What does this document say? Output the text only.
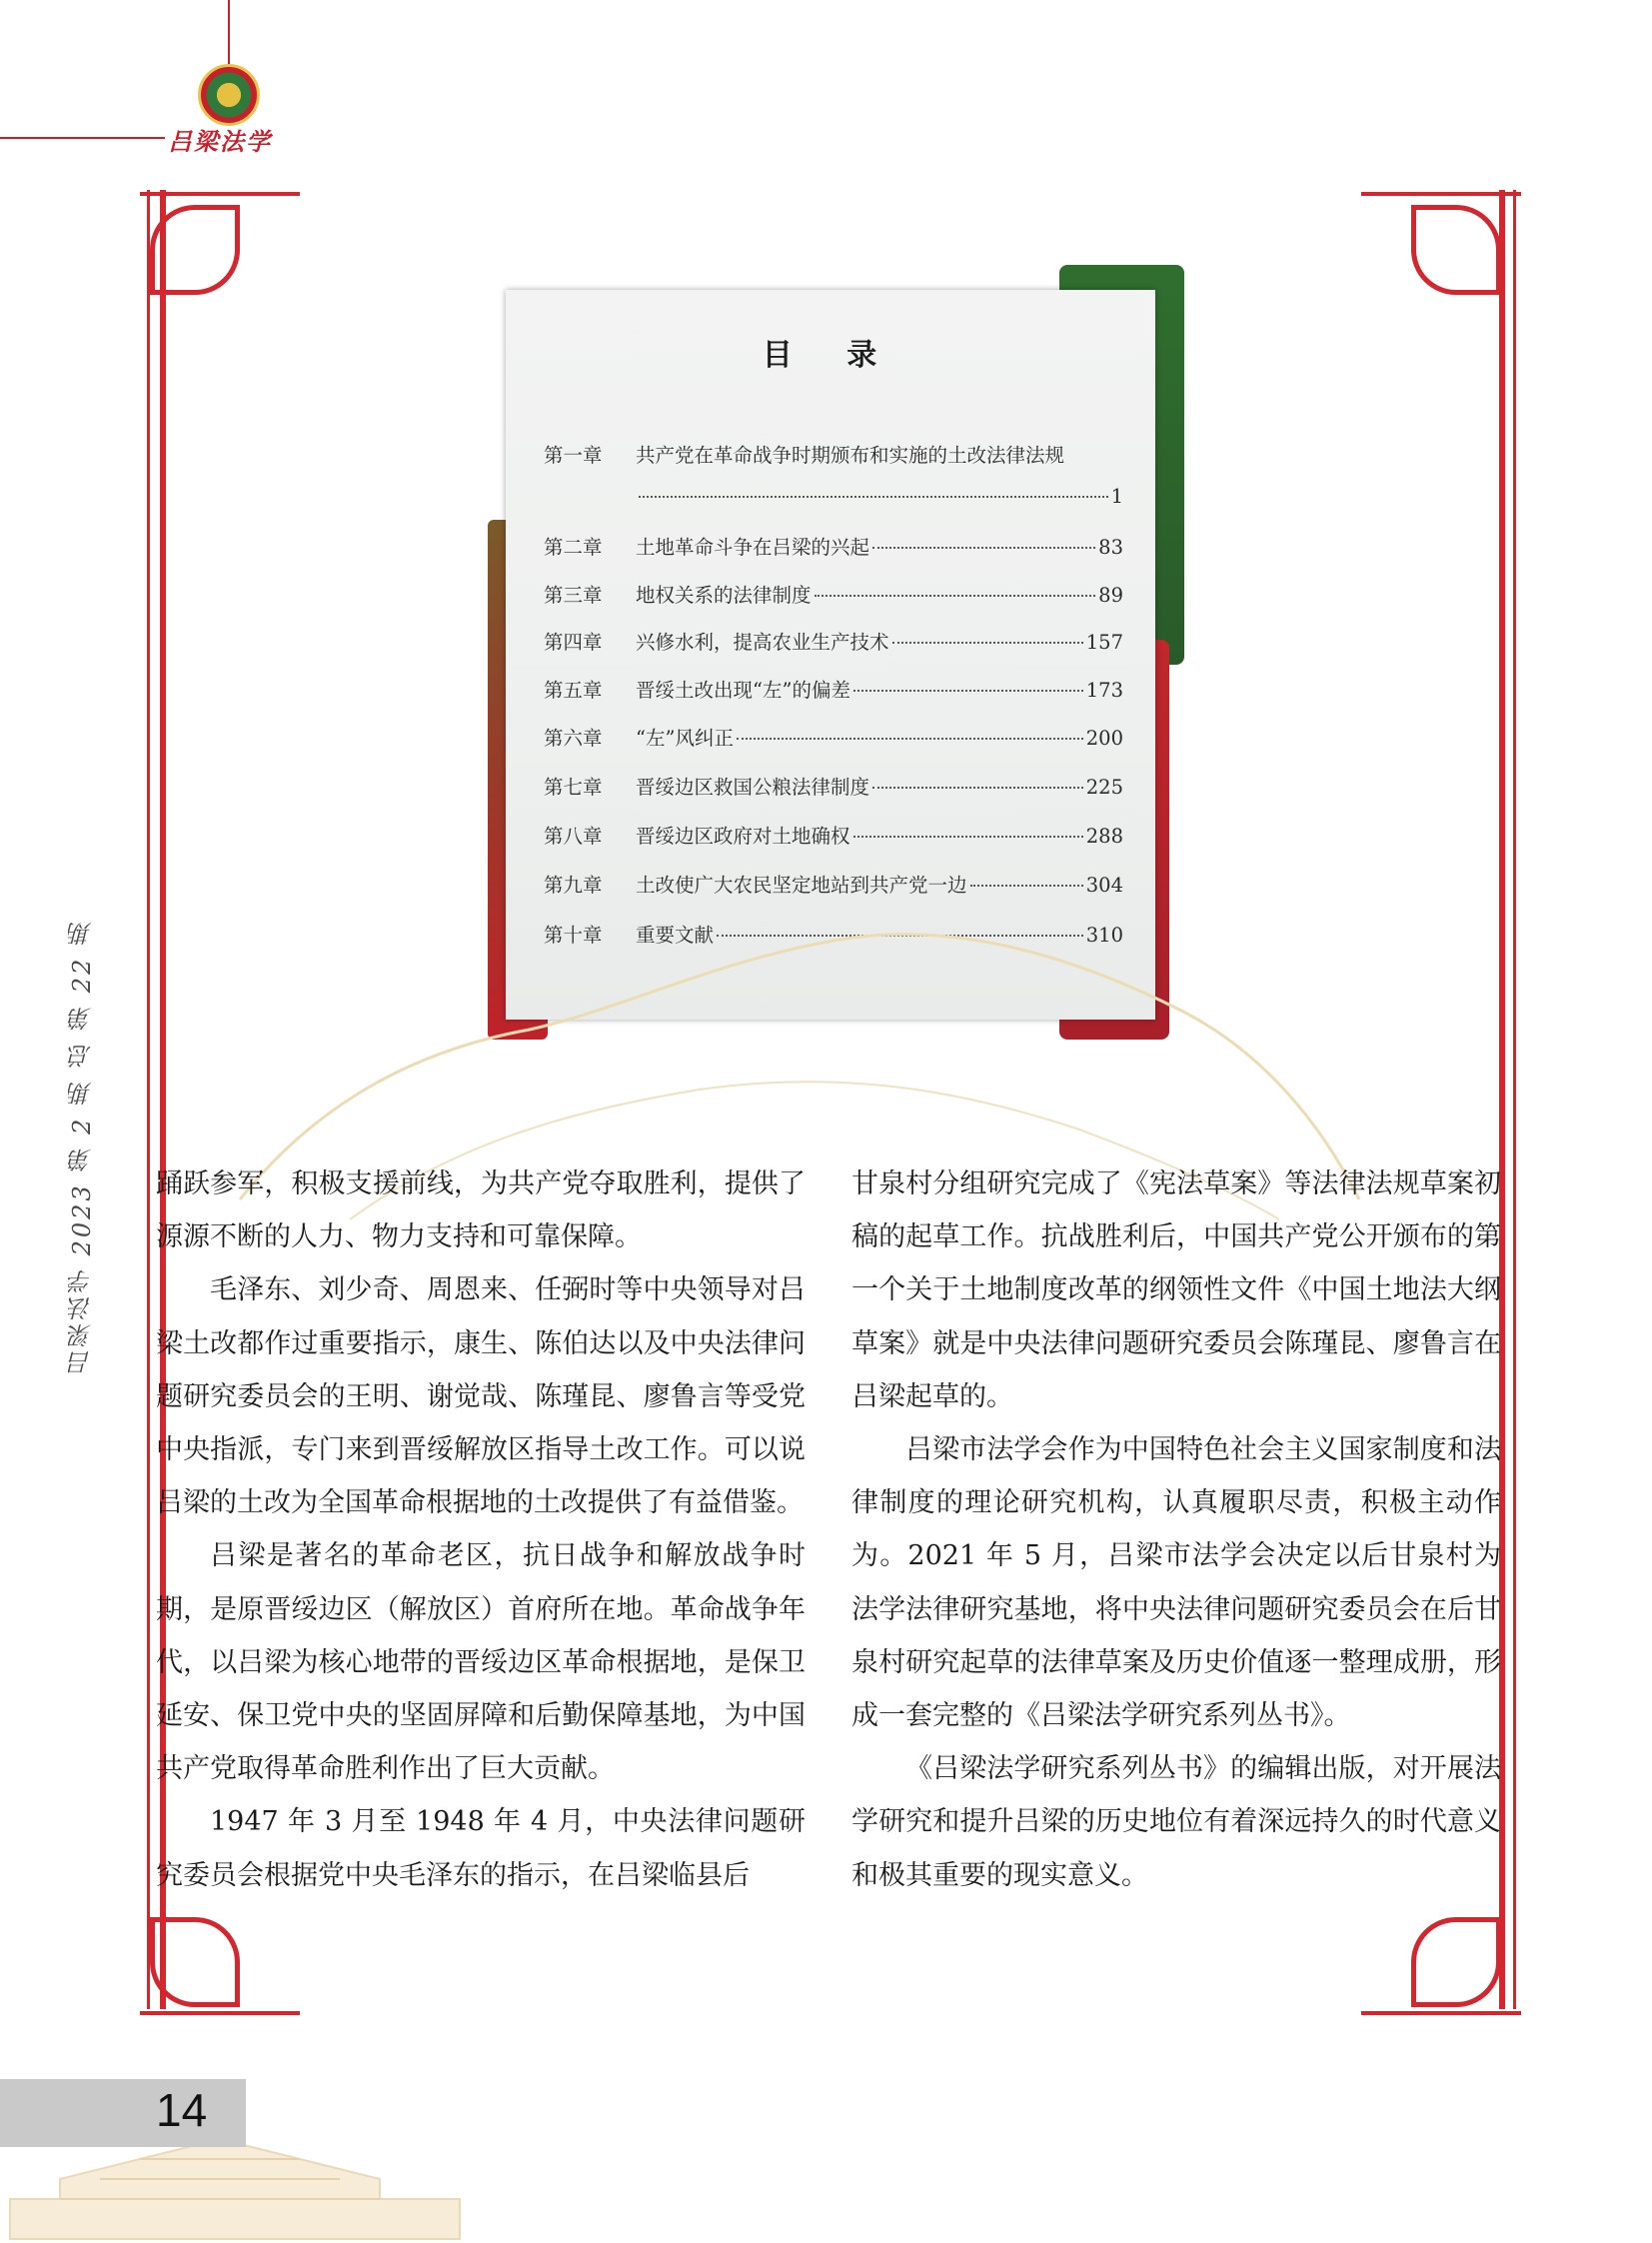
吕梁法学
吕梁法学 2023 第 2 期 总 第 22 期
目 录
第一章	共产党在革命战争时期颁布和实施的土改法律法规
1
第二章	土地革命斗争在吕梁的兴起	83
第三章	地权关系的法律制度	89
第四章	兴修水利，提高农业生产技术	157
第五章	晋绥土改出现“左”的偏差	173
第六章	“左”风纠正	200
第七章	晋绥边区救国公粮法律制度	225
第八章	晋绥边区政府对土地确权	288
第九章	土改使广大农民坚定地站到共产党一边	304
第十章	重要文献	310

踊跃参军，积极支援前线，为共产党夺取胜利，提供了源源不断的人力、物力支持和可靠保障。

毛泽东、刘少奇、周恩来、任弼时等中央领导对吕梁土改都作过重要指示，康生、陈伯达以及中央法律问题研究委员会的王明、谢觉哉、陈瑾昆、廖鲁言等受党中央指派，专门来到晋绥解放区指导土改工作。可以说吕梁的土改为全国革命根据地的土改提供了有益借鉴。

吕梁是著名的革命老区，抗日战争和解放战争时期，是原晋绥边区（解放区）首府所在地。革命战争年代，以吕梁为核心地带的晋绥边区革命根据地，是保卫延安、保卫党中央的坚固屏障和后勤保障基地，为中国共产党取得革命胜利作出了巨大贡献。

1947 年 3 月至 1948 年 4 月，中央法律问题研究委员会根据党中央毛泽东的指示，在吕梁临县后

甘泉村分组研究完成了《宪法草案》等法律法规草案初稿的起草工作。抗战胜利后，中国共产党公开颁布的第一个关于土地制度改革的纲领性文件《中国土地法大纲草案》就是中央法律问题研究委员会陈瑾昆、廖鲁言在吕梁起草的。

吕梁市法学会作为中国特色社会主义国家制度和法律制度的理论研究机构，认真履职尽责，积极主动作为。2021 年 5 月，吕梁市法学会决定以后甘泉村为法学法律研究基地，将中央法律问题研究委员会在后甘泉村研究起草的法律草案及历史价值逐一整理成册，形成一套完整的《吕梁法学研究系列丛书》。

《吕梁法学研究系列丛书》的编辑出版，对开展法学研究和提升吕梁的历史地位有着深远持久的时代意义和极其重要的现实意义。

14
